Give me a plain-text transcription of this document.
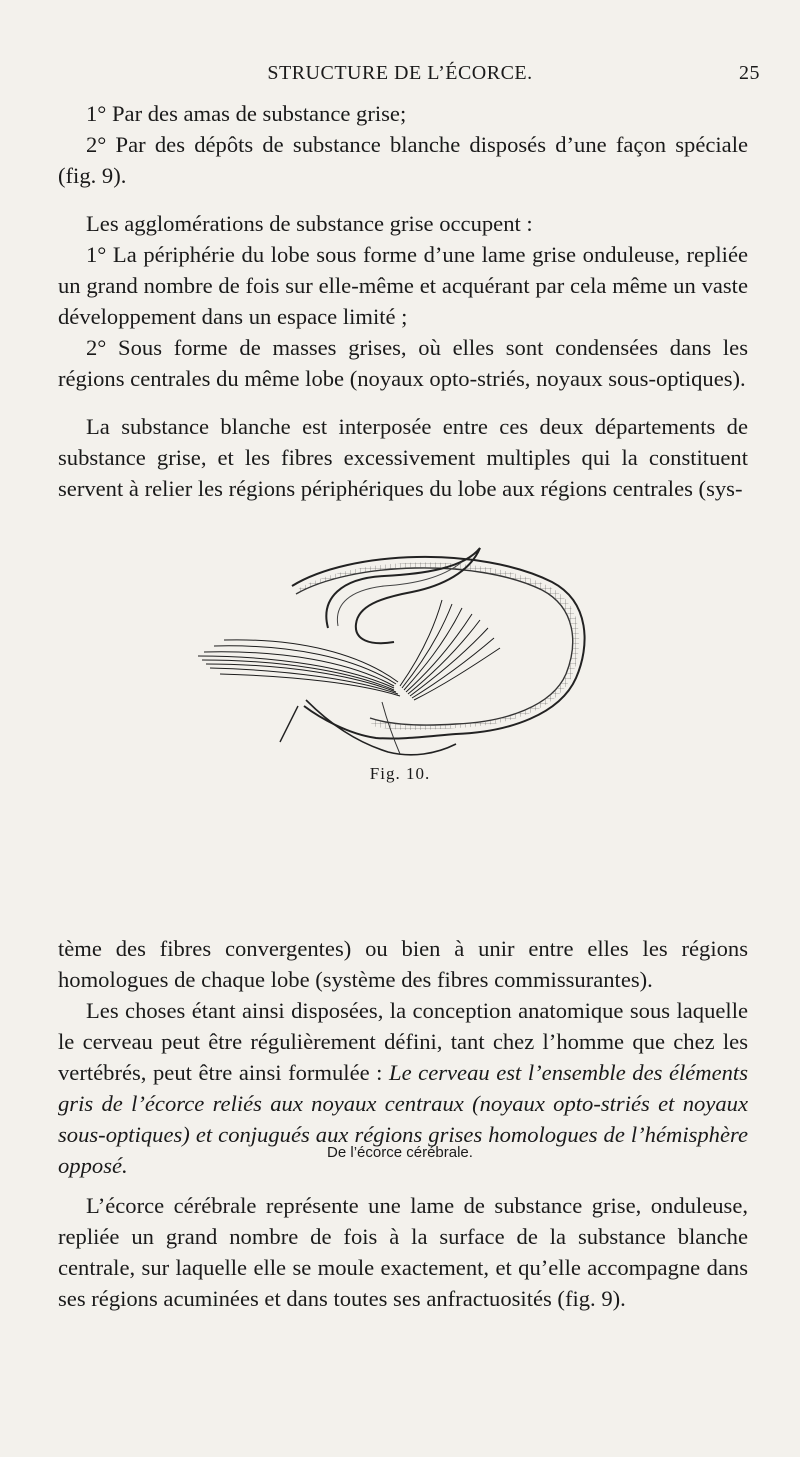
STRUCTURE DE L’ÉCORCE.	25

1° Par des amas de substance grise;

2° Par des dépôts de substance blanche disposés d’une façon spéciale (fig. 9).

Les agglomérations de substance grise occupent :

1° La périphérie du lobe sous forme d’une lame grise onduleuse, repliée un grand nombre de fois sur elle-même et acquérant par cela même un vaste développement dans un espace limité ;

2° Sous forme de masses grises, où elles sont condensées dans les régions centrales du même lobe (noyaux opto-striés, noyaux sous-optiques).

La substance blanche est interposée entre ces deux départements de substance grise, et les fibres excessivement multiples qui la constituent servent à relier les régions périphériques du lobe aux régions centrales (sys-

Fig. 10.

tème des fibres convergentes) ou bien à unir entre elles les régions homologues de chaque lobe (système des fibres commissurantes).

Les choses étant ainsi disposées, la conception anatomique sous laquelle le cerveau peut être régulièrement défini, tant chez l’homme que chez les vertébrés, peut être ainsi formulée : Le cerveau est l’ensemble des éléments gris de l’écorce reliés aux noyaux centraux (noyaux opto-striés et noyaux sous-optiques) et conjugués aux régions grises homologues de l’hémisphère opposé.

De l’écorce cérébrale.

L’écorce cérébrale représente une lame de substance grise, onduleuse, repliée un grand nombre de fois à la surface de la substance blanche centrale, sur laquelle elle se moule exactement, et qu’elle accompagne dans ses régions acuminées et dans toutes ses anfractuosités (fig. 9).
